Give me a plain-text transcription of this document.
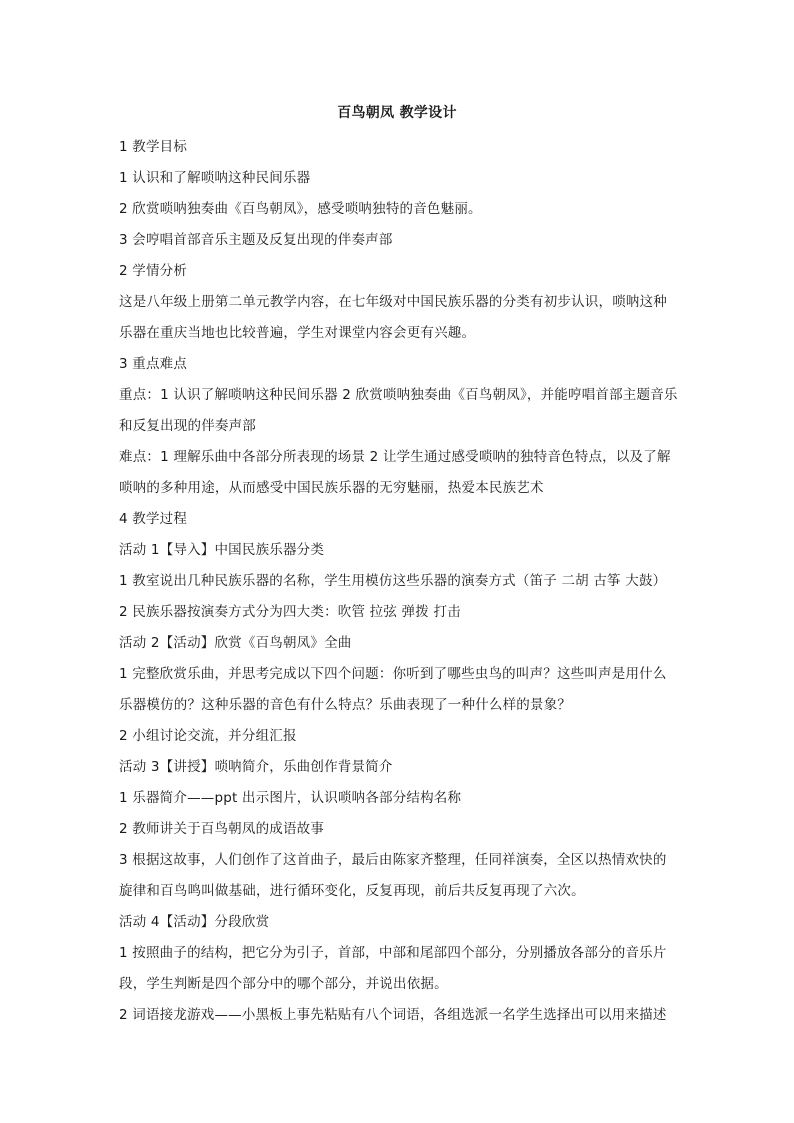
百鸟朝凤 教学设计

1 教学目标

1 认识和了解唢呐这种民间乐器

2 欣赏唢呐独奏曲《百鸟朝凤》，感受唢呐独特的音色魅丽。

3 会哼唱首部音乐主题及反复出现的伴奏声部

2 学情分析

这是八年级上册第二单元教学内容，在七年级对中国民族乐器的分类有初步认识，唢呐这种乐器在重庆当地也比较普遍，学生对课堂内容会更有兴趣。

3 重点难点

重点：1 认识了解唢呐这种民间乐器 2 欣赏唢呐独奏曲《百鸟朝凤》，并能哼唱首部主题音乐和反复出现的伴奏声部

难点：1 理解乐曲中各部分所表现的场景 2 让学生通过感受唢呐的独特音色特点，以及了解唢呐的多种用途，从而感受中国民族乐器的无穷魅丽，热爱本民族艺术

4 教学过程

活动 1【导入】中国民族乐器分类

1 教室说出几种民族乐器的名称，学生用模仿这些乐器的演奏方式（笛子 二胡 古筝 大鼓）

2 民族乐器按演奏方式分为四大类：吹管 拉弦 弹拨 打击

活动 2【活动】欣赏《百鸟朝凤》全曲

1 完整欣赏乐曲，并思考完成以下四个问题：你听到了哪些虫鸟的叫声？这些叫声是用什么乐器模仿的？这种乐器的音色有什么特点？乐曲表现了一种什么样的景象？

2 小组讨论交流，并分组汇报

活动 3【讲授】唢呐简介，乐曲创作背景简介

1 乐器简介——ppt 出示图片，认识唢呐各部分结构名称

2 教师讲关于百鸟朝凤的成语故事

3 根据这故事，人们创作了这首曲子，最后由陈家齐整理，任同祥演奏，全区以热情欢快的旋律和百鸟鸣叫做基础，进行循环变化，反复再现，前后共反复再现了六次。

活动 4【活动】分段欣赏

1 按照曲子的结构，把它分为引子，首部，中部和尾部四个部分，分别播放各部分的音乐片段，学生判断是四个部分中的哪个部分，并说出依据。

2 词语接龙游戏——小黑板上事先粘贴有八个词语，各组选派一名学生选择出可以用来描述
